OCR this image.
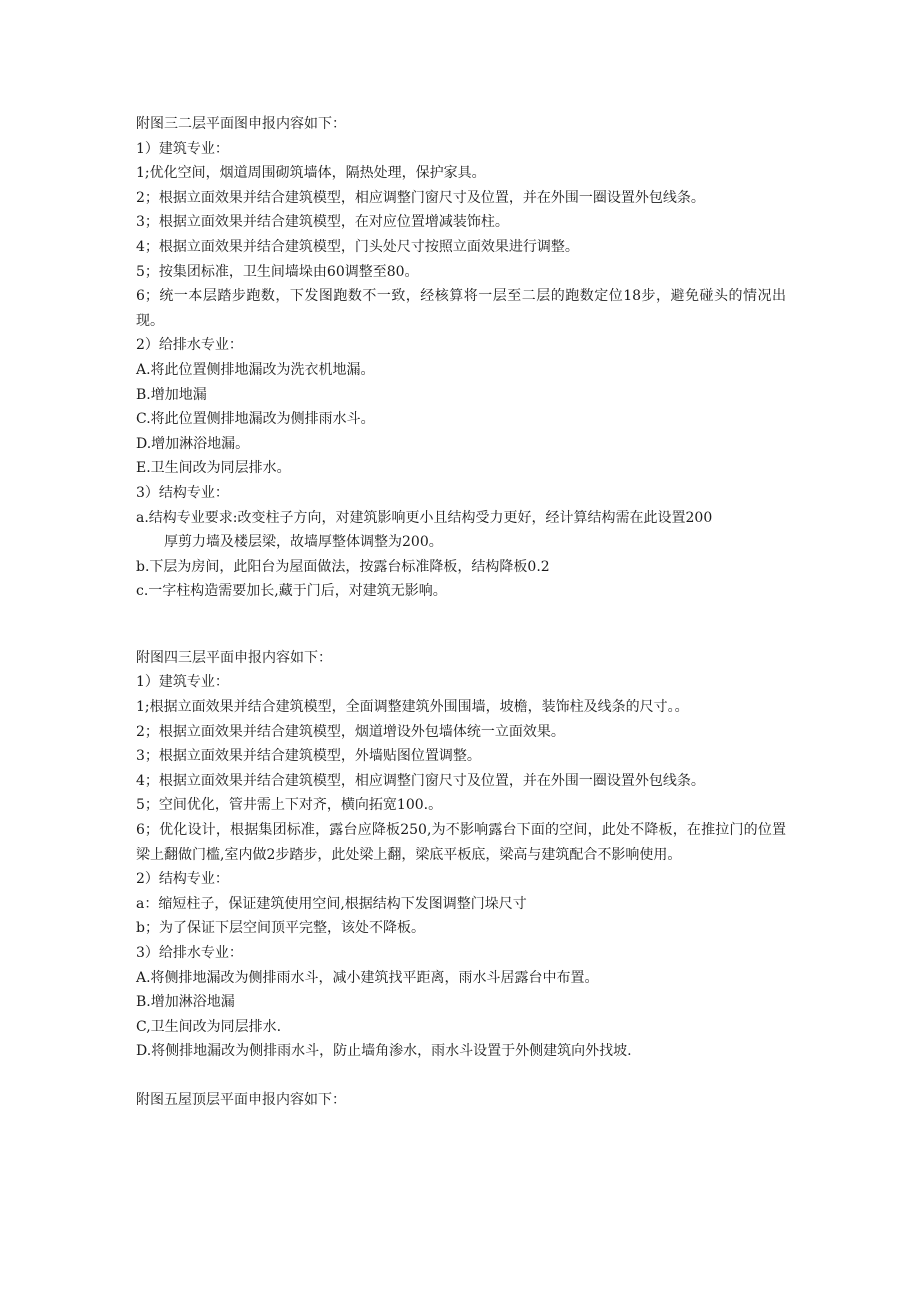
附图三二层平面图申报内容如下：
1）建筑专业：
1;优化空间，烟道周围砌筑墙体，隔热处理，保护家具。
2；根据立面效果并结合建筑模型，相应调整门窗尺寸及位置，并在外围一圈设置外包线条。
3；根据立面效果并结合建筑模型，在对应位置增减装饰柱。
4；根据立面效果并结合建筑模型，门头处尺寸按照立面效果进行调整。
5；按集团标准，卫生间墙垛由60调整至80。
6；统一本层踏步跑数，下发图跑数不一致，经核算将一层至二层的跑数定位18步，避免碰头的情况出现。
2）给排水专业：
A.将此位置侧排地漏改为洗衣机地漏。
B.增加地漏
C.将此位置侧排地漏改为侧排雨水斗。
D.增加淋浴地漏。
E.卫生间改为同层排水。
3）结构专业：
a.结构专业要求:改变柱子方向，对建筑影响更小且结构受力更好，经计算结构需在此设置200
厚剪力墙及楼层梁，故墙厚整体调整为200。
b.下层为房间，此阳台为屋面做法，按露台标准降板，结构降板0.2
c.一字柱构造需要加长,藏于门后，对建筑无影响。
附图四三层平面申报内容如下：
1）建筑专业：
1;根据立面效果并结合建筑模型，全面调整建筑外围围墙，坡檐，装饰柱及线条的尺寸。。
2；根据立面效果并结合建筑模型，烟道增设外包墙体统一立面效果。
3；根据立面效果并结合建筑模型，外墙贴图位置调整。
4；根据立面效果并结合建筑模型，相应调整门窗尺寸及位置，并在外围一圈设置外包线条。
5；空间优化，管井需上下对齐，横向拓宽100.。
6；优化设计，根据集团标准，露台应降板250,为不影响露台下面的空间，此处不降板，在推拉门的位置梁上翻做门槛,室内做2步踏步，此处梁上翻，梁底平板底，梁高与建筑配合不影响使用。
2）结构专业：
a：缩短柱子，保证建筑使用空间,根据结构下发图调整门垛尺寸
b；为了保证下层空间顶平完整，该处不降板。
3）给排水专业：
A.将侧排地漏改为侧排雨水斗，减小建筑找平距离，雨水斗居露台中布置。
B.增加淋浴地漏
C,卫生间改为同层排水.
D.将侧排地漏改为侧排雨水斗，防止墙角渗水，雨水斗设置于外侧建筑向外找坡.
附图五屋顶层平面申报内容如下：
